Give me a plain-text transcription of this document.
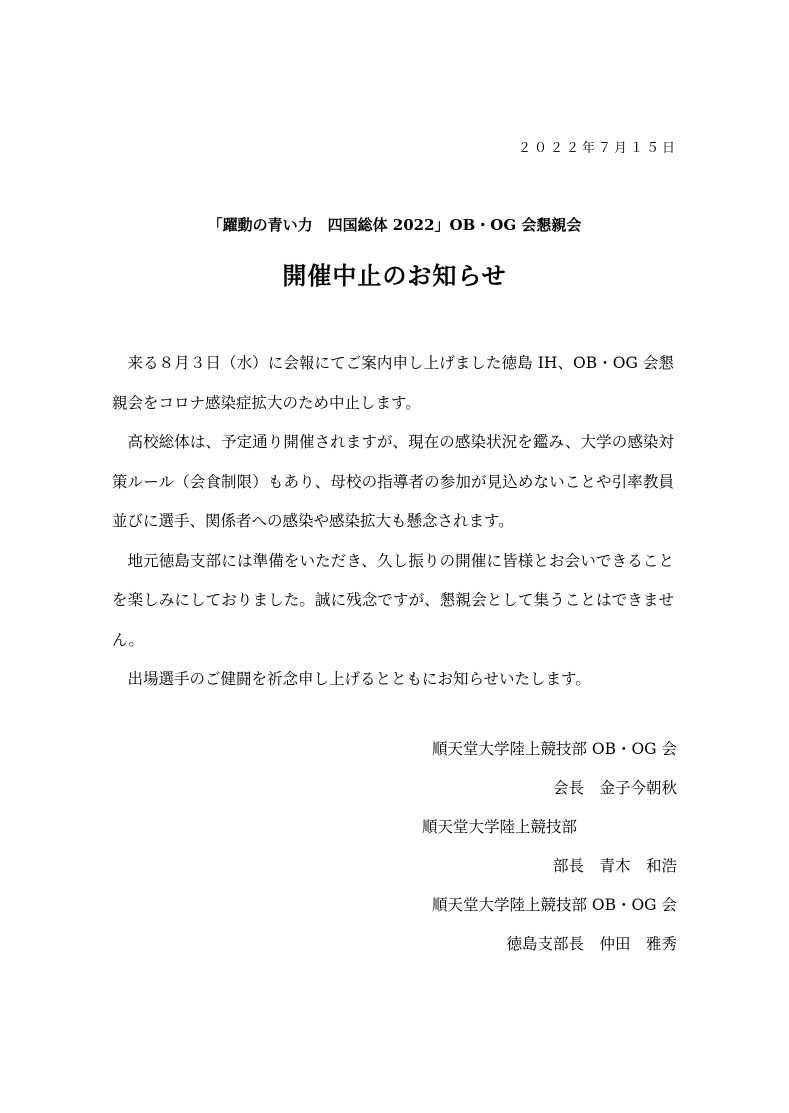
２０２２年７月１５日
「躍動の青い力　四国総体 2022」OB・OG 会懇親会
開催中止のお知らせ

来る８月３日（水）に会報にてご案内申し上げました徳島 IH、OB・OG 会懇親会をコロナ感染症拡大のため中止します。

高校総体は、予定通り開催されますが、現在の感染状況を鑑み、大学の感染対策ルール（会食制限）もあり、母校の指導者の参加が見込めないことや引率教員並びに選手、関係者への感染や感染拡大も懸念されます。

地元徳島支部には準備をいただき、久し振りの開催に皆様とお会いできることを楽しみにしておりました。誠に残念ですが、懇親会として集うことはできません。

出場選手のご健闘を祈念申し上げるとともにお知らせいたします。

順天堂大学陸上競技部 OB・OG 会
会長　金子今朝秋
順天堂大学陸上競技部
部長　青木　和浩
順天堂大学陸上競技部 OB・OG 会
徳島支部長　仲田　雅秀
